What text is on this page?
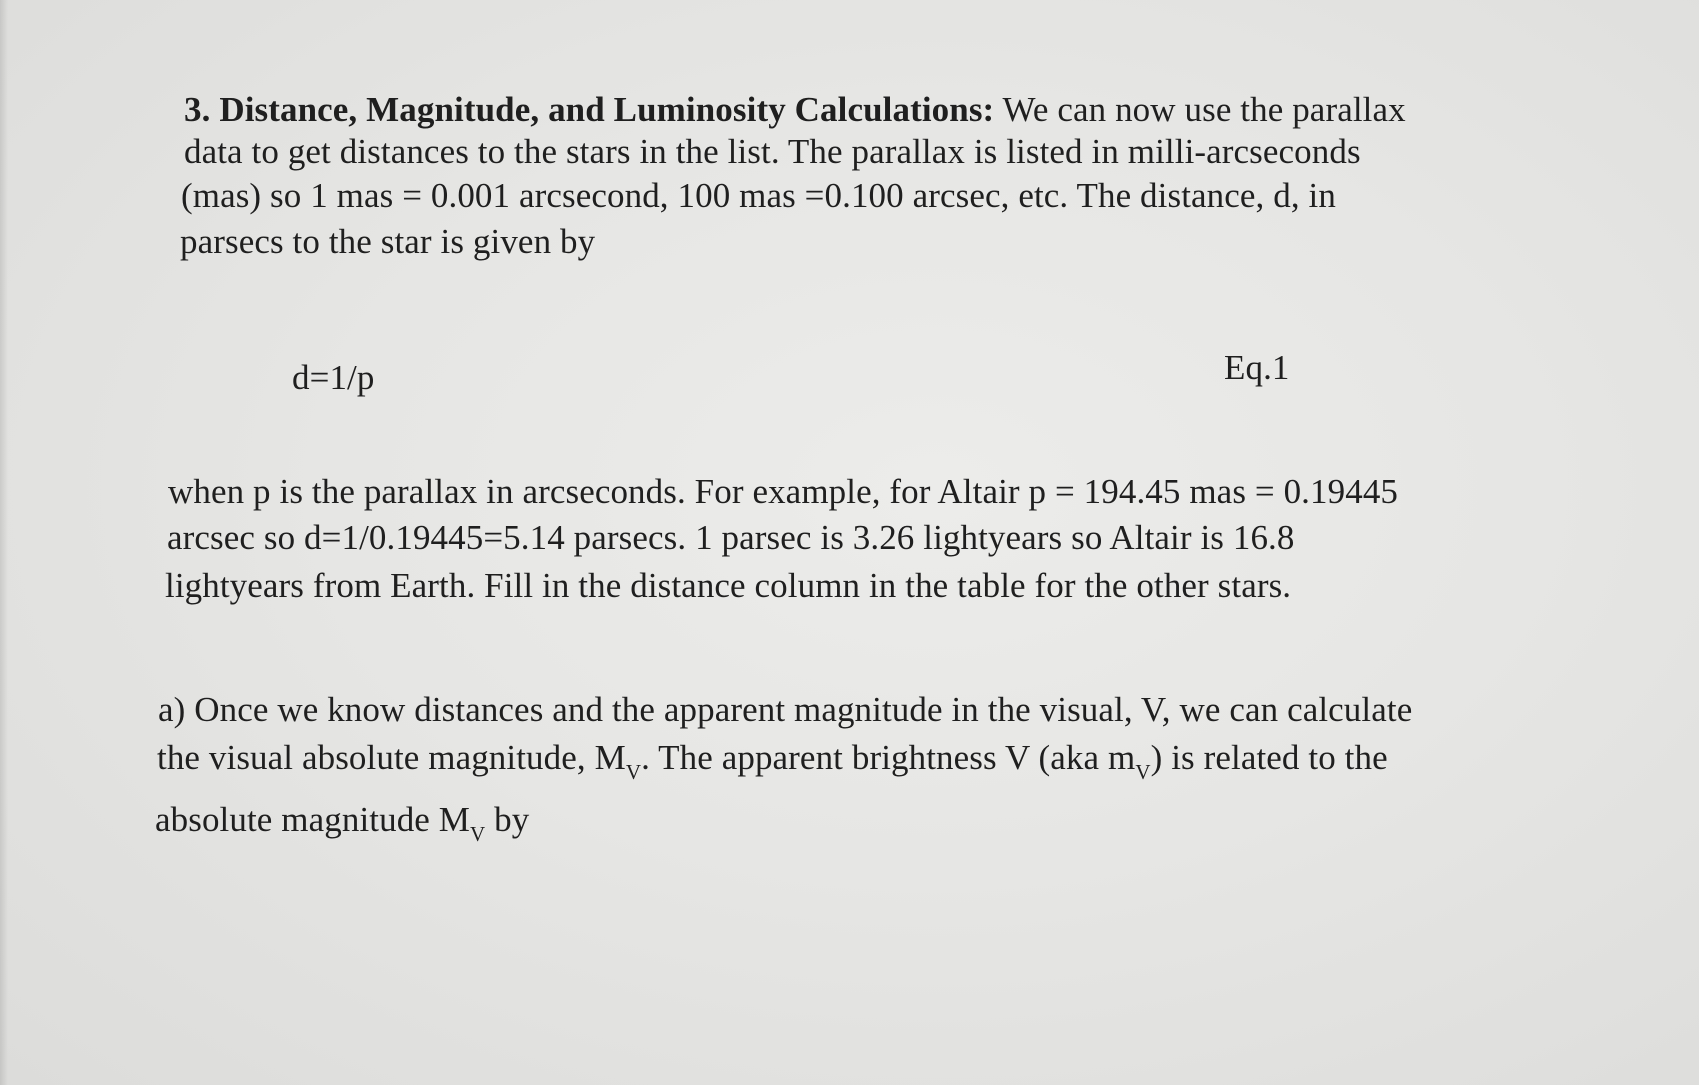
3. Distance, Magnitude, and Luminosity Calculations: We can now use the parallax
data to get distances to the stars in the list. The parallax is listed in milli-arcseconds
(mas) so 1 mas = 0.001 arcsecond, 100 mas =0.100 arcsec, etc. The distance, d, in
parsecs to the star is given by
d=1/p	Eq.1
when p is the parallax in arcseconds. For example, for Altair p = 194.45 mas = 0.19445
arcsec so d=1/0.19445=5.14 parsecs. 1 parsec is 3.26 lightyears so Altair is 16.8
lightyears from Earth. Fill in the distance column in the table for the other stars.
a) Once we know distances and the apparent magnitude in the visual, V, we can calculate
the visual absolute magnitude, $M_V$. The apparent brightness V (aka $m_V$) is related to the
absolute magnitude $M_V$ by
